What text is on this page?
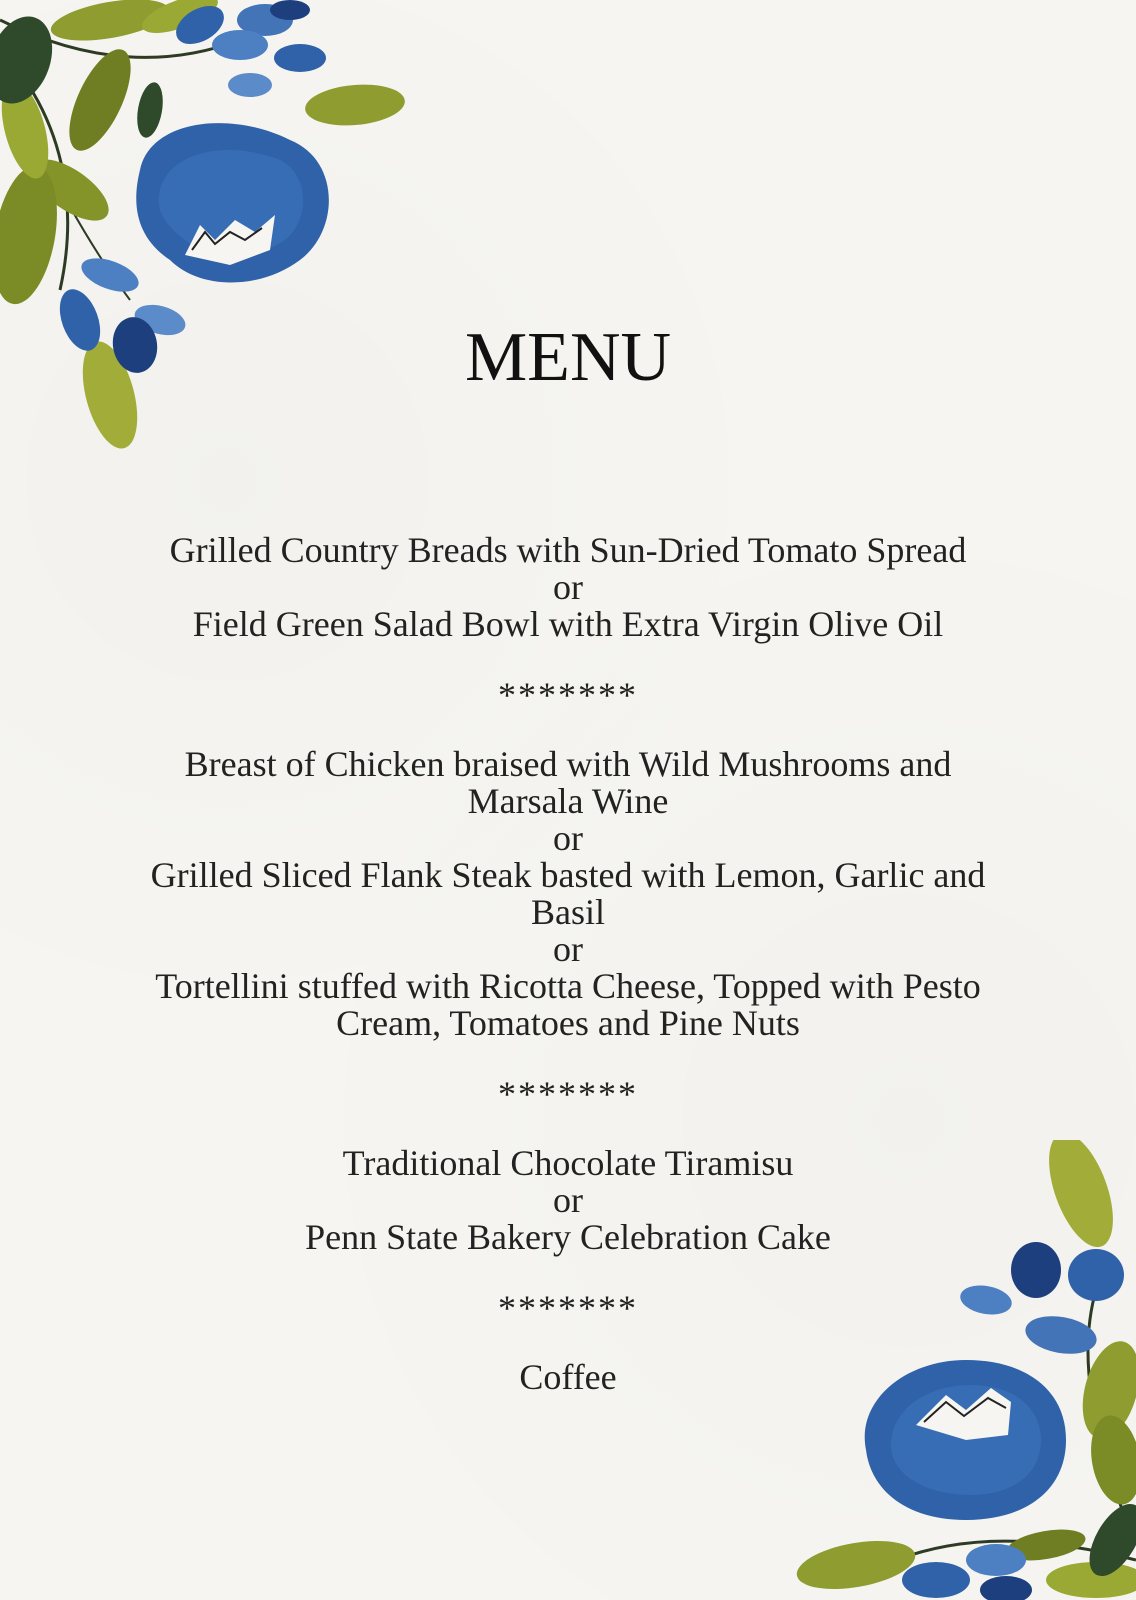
MENU
Grilled Country Breads with Sun-Dried Tomato Spread
or
Field Green Salad Bowl with Extra Virgin Olive Oil
*******
Breast of Chicken braised with Wild Mushrooms and
Marsala Wine
or
Grilled Sliced Flank Steak basted with Lemon, Garlic and
Basil
or
Tortellini stuffed with Ricotta Cheese, Topped with Pesto
Cream, Tomatoes and Pine Nuts
*******
Traditional Chocolate Tiramisu
or
Penn State Bakery Celebration Cake
*******
Coffee
